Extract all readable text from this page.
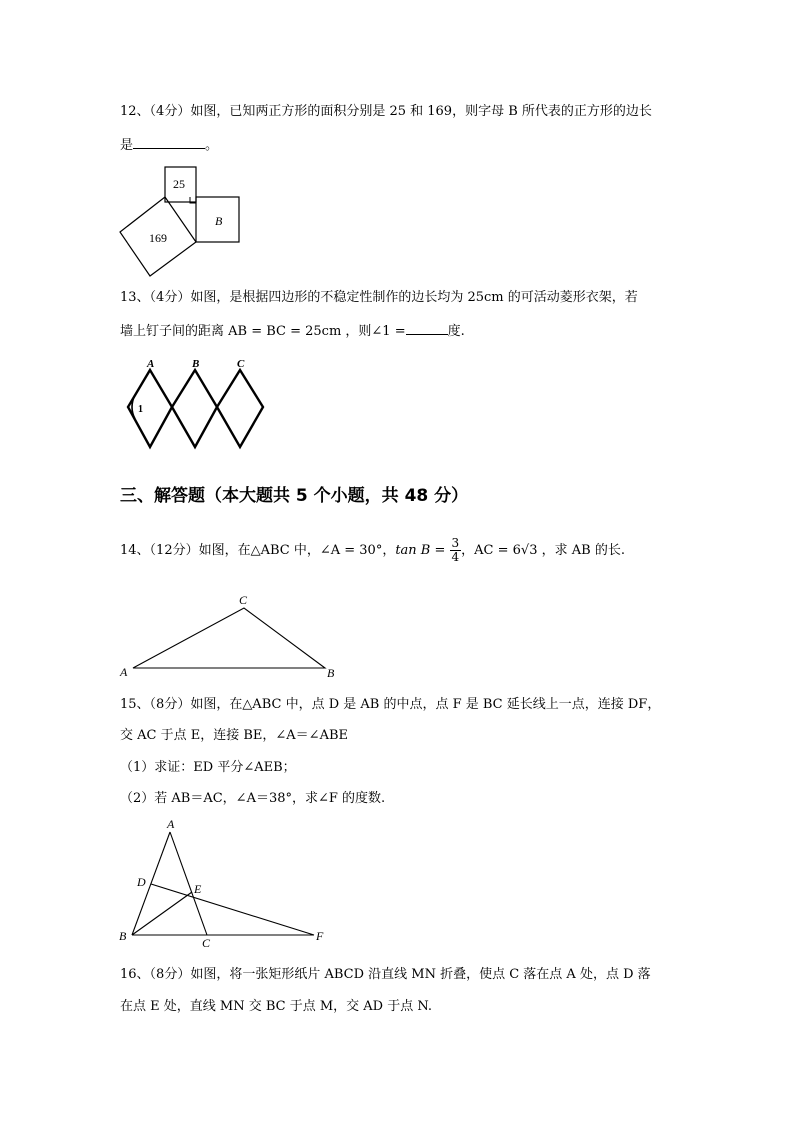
12、（4分）如图，已知两正方形的面积分别是 25 和 169，则字母 B 所代表的正方形的边长
是	。
25
B
169
13、（4分）如图，是根据四边形的不稳定性制作的边长均为 25cm 的可活动菱形衣架，若
墙上钉子间的距离 AB = BC = 25cm ，则∠1 =	度.
A	B	C
1
三、解答题（本大题共 5 个小题，共 48 分）
14、（12分）如图，在△ABC 中，∠A = 30°，$\tan B = \frac{3}{4}$ ，AC = 6√3 ，求 AB 的长.
A	B
C
15、（8分）如图，在△ABC 中，点 D 是 AB 的中点，点 F 是 BC 延长线上一点，连接 DF，
交 AC 于点 E，连接 BE，∠A＝∠ABE
（1）求证：ED 平分∠AEB；
（2）若 AB＝AC，∠A＝38°，求∠F 的度数.
A
B	C
D	E
F
16、（8分）如图，将一张矩形纸片 ABCD 沿直线 MN 折叠，使点 C 落在点 A 处，点 D 落
在点 E 处，直线 MN 交 BC 于点 M，交 AD 于点 N.
